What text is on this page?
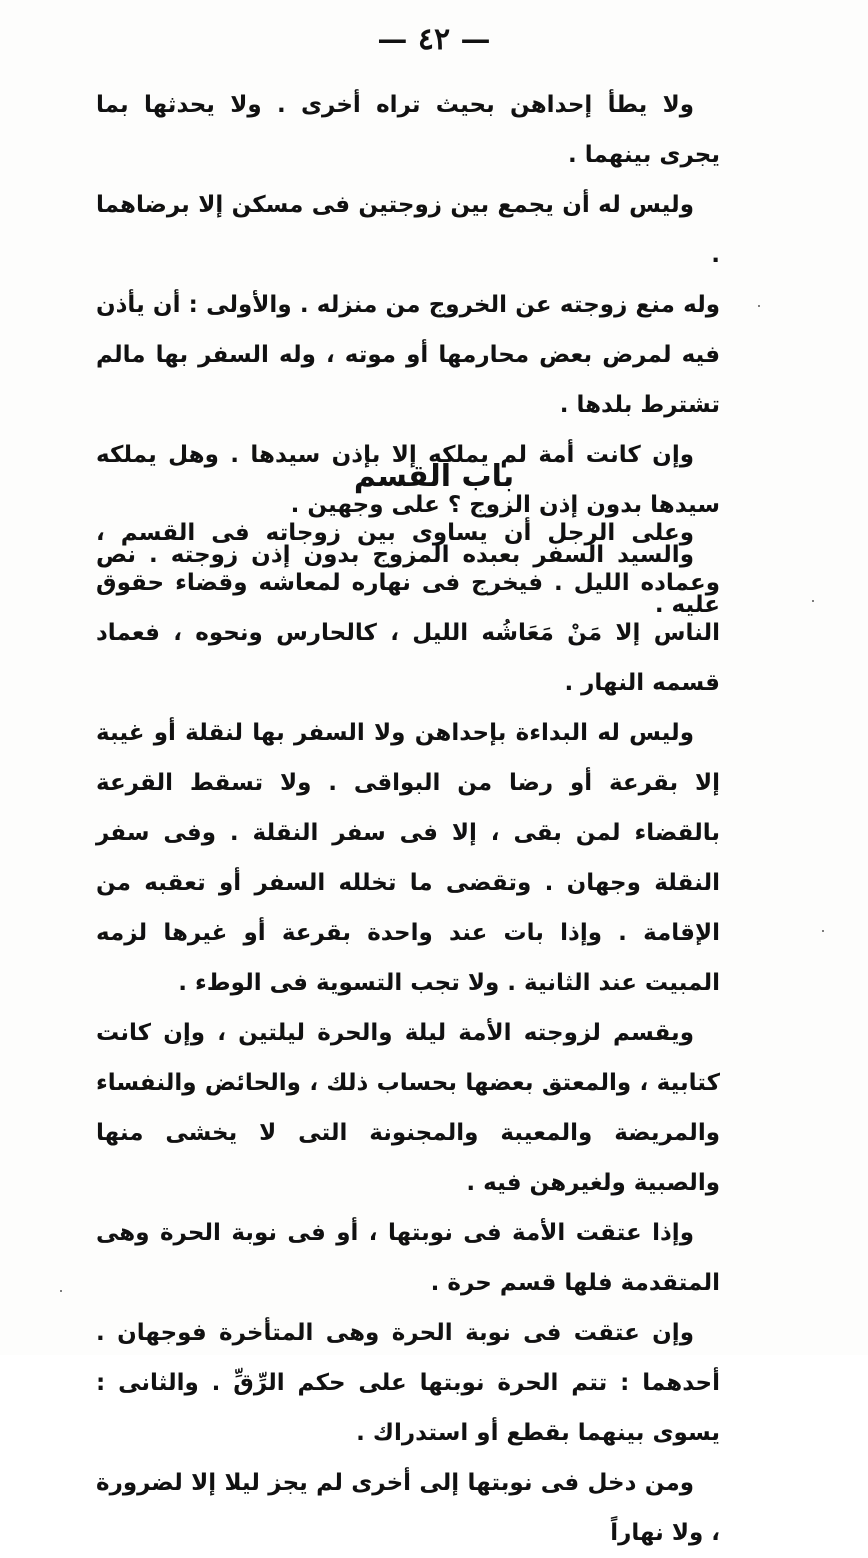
— ٤٢ —

ولا يطأ إحداهن بحيث تراه أخرى . ولا يحدثها بما يجرى بينهما .

وليس له أن يجمع بين زوجتين فى مسكن إلا برضاهما .

وله منع زوجته عن الخروج من منزله . والأولى : أن يأذن فيه لمرض بعض محارمها أو موته ، وله السفر بها مالم تشترط بلدها .

وإن كانت أمة لم يملكه إلا بإذن سيدها . وهل يملكه سيدها بدون إذن الزوج ؟ على وجهين .

والسيد السفر بعبده المزوج بدون إذن زوجته . نص عليه .

باب القسم

وعلى الرجل أن يساوى بين زوجاته فى القسم ، وعماده الليل . فيخرج فى نهاره لمعاشه وقضاء حقوق الناس إلا مَنْ مَعَاشُه الليل ، كالحارس ونحوه ، فعماد قسمه النهار .

وليس له البداءة بإحداهن ولا السفر بها لنقلة أو غيبة إلا بقرعة أو رضا من البواقى . ولا تسقط القرعة بالقضاء لمن بقى ، إلا فى سفر النقلة . وفى سفر النقلة وجهان . وتقضى ما تخلله السفر أو تعقبه من الإقامة . وإذا بات عند واحدة بقرعة أو غيرها لزمه المبيت عند الثانية . ولا تجب التسوية فى الوطء .

ويقسم لزوجته الأمة ليلة والحرة ليلتين ، وإن كانت كتابية ، والمعتق بعضها بحساب ذلك ، والحائض والنفساء والمريضة والمعيبة والمجنونة التى لا يخشى منها والصبية ولغيرهن فيه .

وإذا عتقت الأمة فى نوبتها ، أو فى نوبة الحرة وهى المتقدمة فلها قسم حرة .

وإن عتقت فى نوبة الحرة وهى المتأخرة فوجهان . أحدهما : تتم الحرة نوبتها على حكم الرِّقِّ . والثانى : يسوى بينهما بقطع أو استدراك .

ومن دخل فى نوبتها إلى أخرى لم يجز ليلا إلا لضرورة ، ولا نهاراً
